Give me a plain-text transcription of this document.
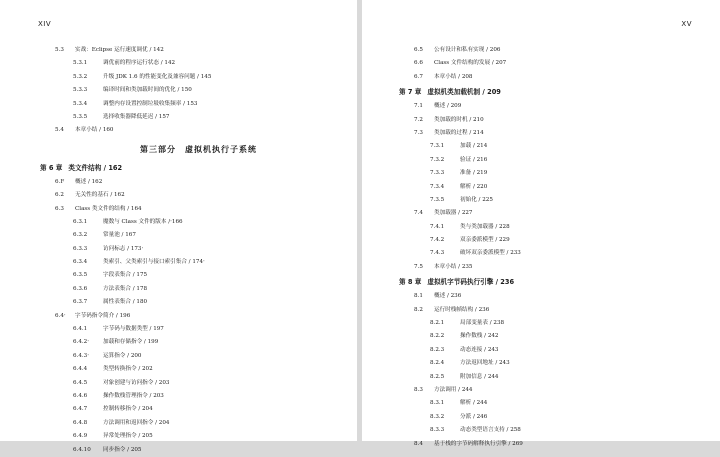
XIV
5.3 实战：Eclipse 运行速度调优 / 142
5.3.1	调优前的程序运行状态 / 142
5.3.2	升级 JDK 1.6 的性能变化及兼容问题 / 145
5.3.3	编译时间和类加载时间的优化 / 150
5.3.4	调整内存设置控制垃圾收集频率 / 153
5.3.5	选择收集器降低延迟 / 157
5.4 本章小结 / 160
第三部分　虚拟机执行子系统
第 6 章 类文件结构 / 162
6.F 概述 / 162
6.2 无关性的基石 / 162
6.3 Class 类文件的结构 / 164
6.3.1	魔数与 Class 文件的版本 /·166
6.3.2	常量池 / 167
6.3.3	访问标志 / 173·
6.3.4	类索引、父类索引与接口索引集合 / 174·
6.3.5	字段表集合 / 175
6.3.6	方法表集合 / 178
6.3.7	属性表集合 / 180
6.4· 字节码指令简介 / 196
6.4.1	字节码与数据类型 / 197
6.4.2· 加载和存储指令 / 199
6.4.3· 运算指令 / 200
6.4.4	类型转换指令 / 202
6.4.5	对象创建与访问指令 / 203
6.4.6	操作数栈管理指令 / 203
6.4.7	控制转移指令 / 204
6.4.8	方法调用和返回指令 / 204
6.4.9	异常处理指令 / 205
6.4.10 同步指令 / 205
XV
6.5 公有设计和私有实现 / 206
6.6 Class 文件结构的发展 / 207
6.7 本章小结 / 208
第 7 章 虚拟机类加载机制 / 209
7.1 概述 / 209
7.2 类加载的时机 / 210
7.3 类加载的过程 / 214
7.3.1	加载 / 214
7.3.2	验证 / 216
7.3.3	准备 / 219
7.3.4	解析 / 220
7.3.5	初始化 / 225
7.4 类加载器 / 227
7.4.1	类与类加载器 / 228
7.4.2	双亲委派模型 / 229
7.4.3	破坏双亲委派模型 / 233
7.5 本章小结 / 235
第 8 章 虚拟机字节码执行引擎 / 236
8.1 概述 / 236
8.2 运行时栈帧结构 / 236
8.2.1	局部变量表 / 238
8.2.2	操作数栈 / 242
8.2.3	动态连接 / 243
8.2.4	方法返回地址 / 243
8.2.5	附加信息 / 244
8.3 方法调用 / 244
8.3.1	解析 / 244
8.3.2	分派 / 246
8.3.3	动态类型语言支持 / 258
8.4 基于栈的字节码解释执行引擎 / 269
